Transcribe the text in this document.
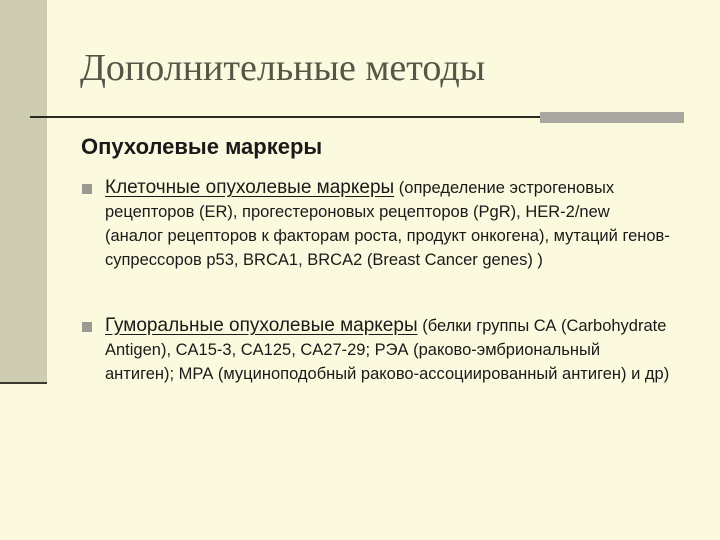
Дополнительные методы
Опухолевые маркеры
Клеточные опухолевые маркеры (определение эстрогеновых рецепторов (ER), прогестероновых рецепторов (PgR), HER-2/new (аналог рецепторов к факторам роста, продукт онкогена), мутаций генов-супрессоров р53, BRCA1, BRCA2 (Breast Cancer genes) )
Гуморальные опухолевые маркеры (белки группы СА (Carbohydrate Antigen), CA15-3, CA125, CA27-29; РЭА (раково-эмбриональный антиген); МРА (муциноподобный раково-ассоциированный антиген) и др)
